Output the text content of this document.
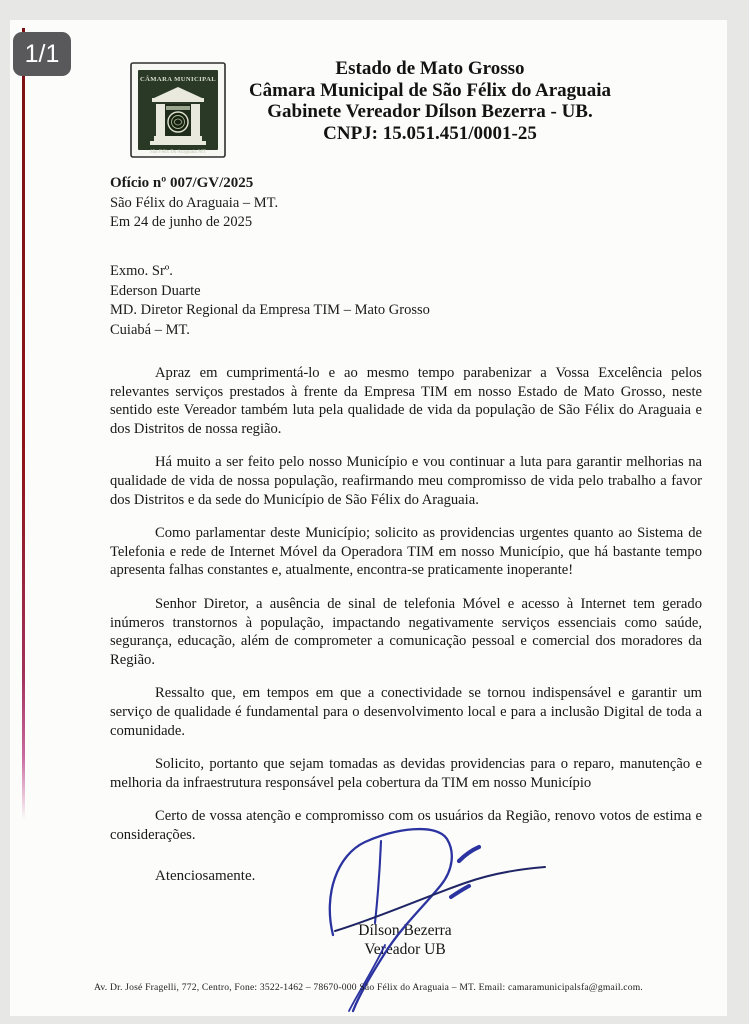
CÂMARA MUNICIPAL
São Félix Do Araguaia MT
Estado de Mato Grosso
Câmara Municipal de São Félix do Araguaia
Gabinete Vereador Dílson Bezerra - UB.
CNPJ: 15.051.451/0001-25
Ofício nº 007/GV/2025
São Félix do Araguaia – MT.
Em 24 de junho de 2025
Exmo. Srº.
Ederson Duarte
MD. Diretor Regional da Empresa TIM – Mato Grosso
Cuiabá – MT.

Apraz em cumprimentá-lo e ao mesmo tempo parabenizar a Vossa Excelência pelos relevantes serviços prestados à frente da Empresa TIM em nosso Estado de Mato Grosso, neste sentido este Vereador também luta pela qualidade de vida da população de São Félix do Araguaia e dos Distritos de nossa região.

Há muito a ser feito pelo nosso Município e vou continuar a luta para garantir melhorias na qualidade de vida de nossa população, reafirmando meu compromisso de vida pelo trabalho a favor dos Distritos e da sede do Município de São Félix do Araguaia.

Como parlamentar deste Município; solicito as providencias urgentes quanto ao Sistema de Telefonia e rede de Internet Móvel da Operadora TIM em nosso Município, que há bastante tempo apresenta falhas constantes e, atualmente, encontra-se praticamente inoperante!

Senhor Diretor, a ausência de sinal de telefonia Móvel e acesso à Internet tem gerado inúmeros transtornos à população, impactando negativamente serviços essenciais como saúde, segurança, educação, além de comprometer a comunicação pessoal e comercial dos moradores da Região.

Ressalto que, em tempos em que a conectividade se tornou indispensável e garantir um serviço de qualidade é fundamental para o desenvolvimento local e para a inclusão Digital de toda a comunidade.

Solicito, portanto que sejam tomadas as devidas providencias para o reparo, manutenção e melhoria da infraestrutura responsável pela cobertura da TIM em nosso Município

Certo de vossa atenção e compromisso com os usuários da Região, renovo votos de estima e considerações.

Atenciosamente.
Dílson Bezerra
Vereador UB
Av. Dr. José Fragelli, 772, Centro, Fone: 3522-1462 – 78670-000 São Félix do Araguaia – MT. Email: camaramunicipalsfa@gmail.com.
1/1
